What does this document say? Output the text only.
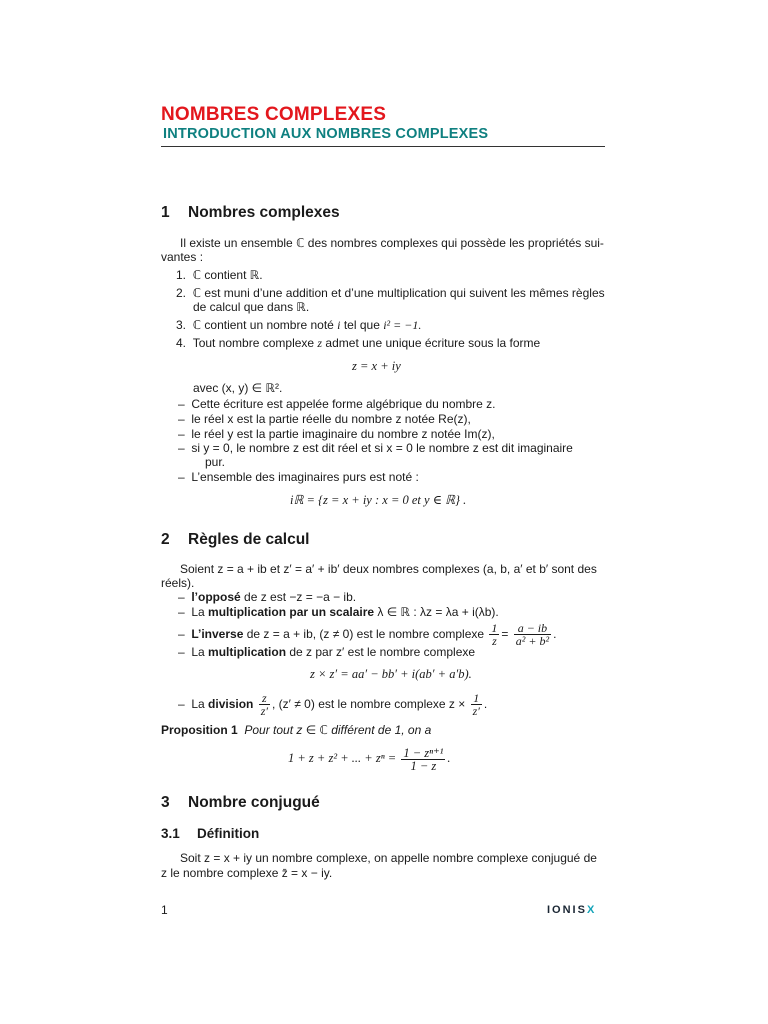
NOMBRES COMPLEXES
INTRODUCTION AUX NOMBRES COMPLEXES
1 Nombres complexes
Il existe un ensemble ℂ des nombres complexes qui possède les propriétés sui-
vantes :
1. ℂ contient ℝ.
2. ℂ est muni d’une addition et d’une multiplication qui suivent les mêmes règles
de calcul que dans ℝ.
3. ℂ contient un nombre noté i tel que i² = −1.
4. Tout nombre complexe z admet une unique écriture sous la forme
z = x + iy
avec (x, y) ∈ ℝ².
–  Cette écriture est appelée forme algébrique du nombre z.
–  le réel x est la partie réelle du nombre z notée Re(z),
–  le réel y est la partie imaginaire du nombre z notée Im(z),
–  si y = 0, le nombre z est dit réel et si x = 0 le nombre z est dit imaginaire
pur.
–  L’ensemble des imaginaires purs est noté :
iℝ = {z = x + iy : x = 0 et y ∈ ℝ} .
2 Règles de calcul
Soient z = a + ib et z′ = a′ + ib′ deux nombres complexes (a, b, a′ et b′ sont des
réels).
–  l’opposé de z est −z = −a − ib.
–  La multiplication par un scalaire λ ∈ ℝ : λz = λa + i(λb).
–  L’inverse de z = a + ib, (z ≠ 0) est le nombre complexe $\frac{1}{z} = \frac{a - ib}{\text{a² + b²}}$ .
–  La multiplication de z par z′ est le nombre complexe
z × z′ = aa′ − bb′ + i(ab′ + a′b).
–  La division $\frac{z}{z'}$ , (z′ ≠ 0) est le nombre complexe $z \times \frac{1}{z'}$ .
Proposition 1 Pour tout z ∈ ℂ différent de 1, on a
1 + z + z² + ... + $z^n = \frac{\text{1 − zⁿ⁺¹}}{1 - z}$ .
3 Nombre conjugué
3.1 Définition
Soit z = x + iy un nombre complexe, on appelle nombre complexe conjugué de
z le nombre complexe z̄ = x − iy.
1	IONISX
